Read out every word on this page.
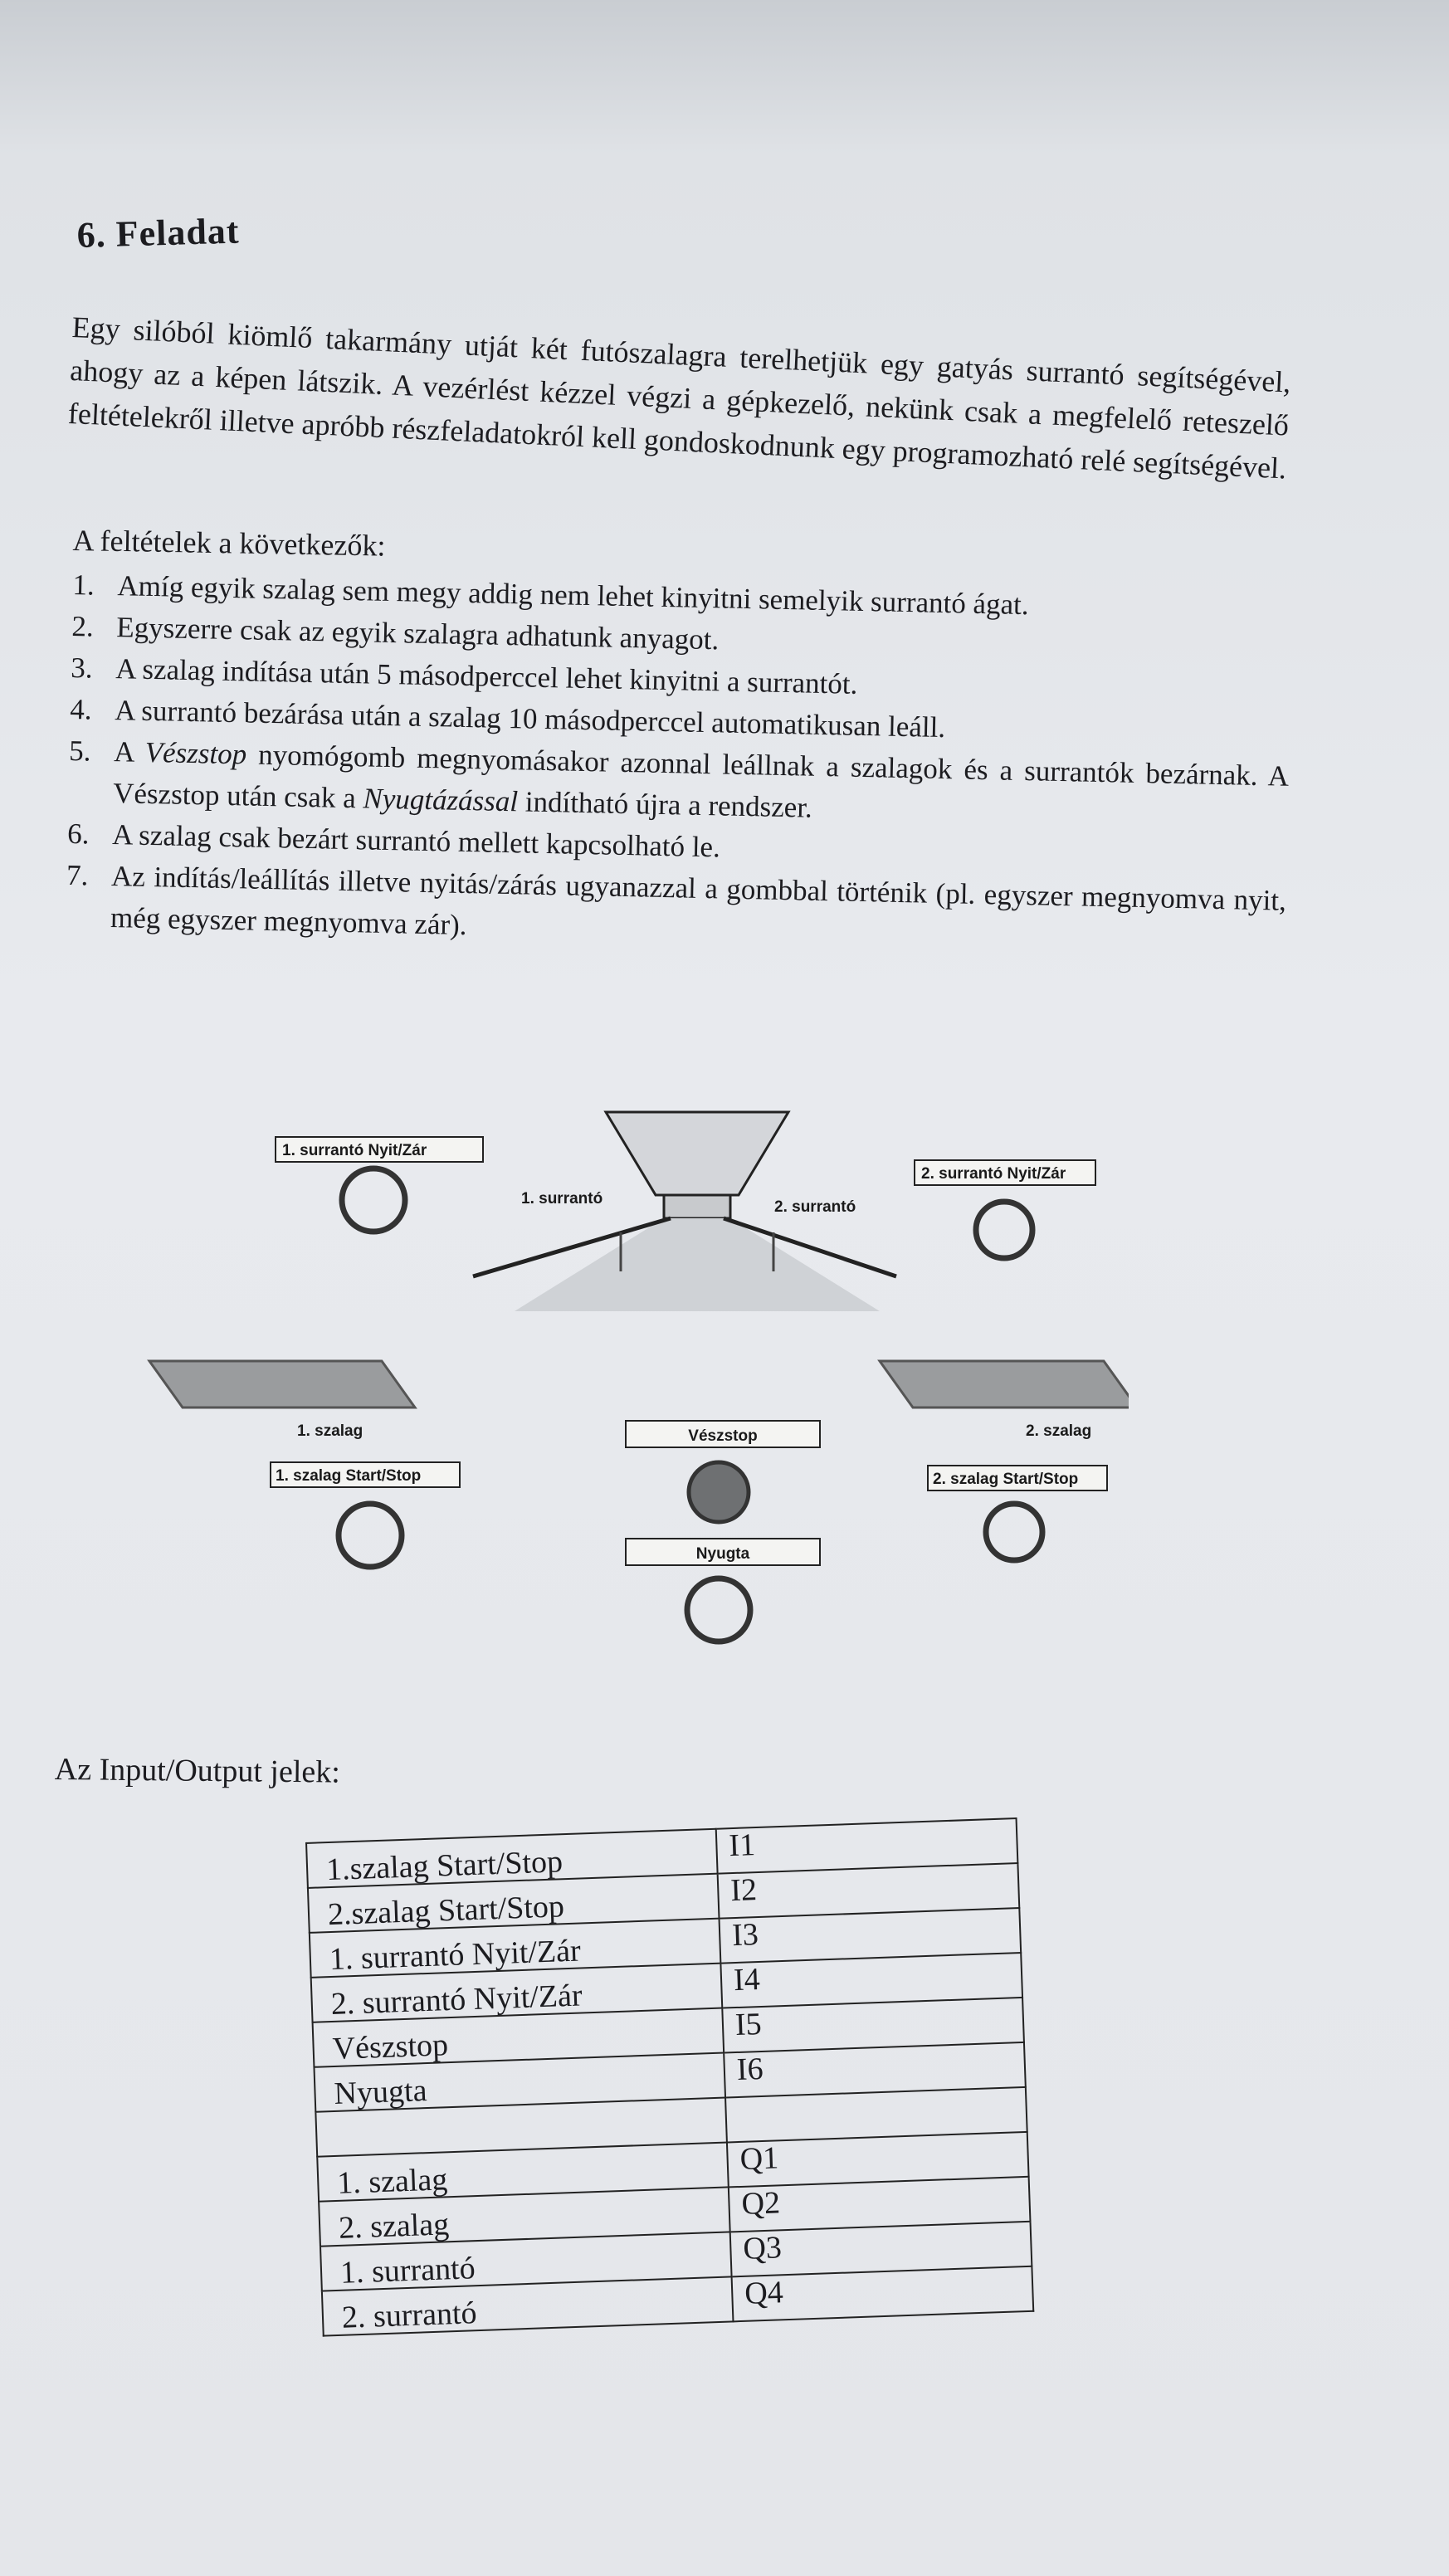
6. Feladat

Egy silóból kiömlő takarmány utját két futószalagra terelhetjük egy gatyás surrantó segítségével, ahogy az a képen látszik. A vezérlést kézzel végzi a gépkezelő, nekünk csak a megfelelő reteszelő feltételekről illetve apróbb részfeladatokról kell gondoskodnunk egy programozható relé segítségével.

A feltételek a következők:

1. Amíg egyik szalag sem megy addig nem lehet kinyitni semelyik surrantó ágat.
2. Egyszerre csak az egyik szalagra adhatunk anyagot.
3. A szalag indítása után 5 másodperccel lehet kinyitni a surrantót.
4. A surrantó bezárása után a szalag 10 másodperccel automatikusan leáll.
5. A Vészstop nyomógomb megnyomásakor azonnal leállnak a szalagok és a surrantók bezárnak. A Vészstop után csak a Nyugtázással indítható újra a rendszer.
6. A szalag csak bezárt surrantó mellett kapcsolható le.
7. Az indítás/leállítás illetve nyitás/zárás ugyanazzal a gombbal történik (pl. egyszer megnyomva nyit, még egyszer megnyomva zár).
1. surrantó	2. surrantó
1. surrantó Nyit/Zár
2. surrantó Nyit/Zár
1. szalag	2. szalag
1. szalag Start/Stop	2. szalag Start/Stop
Vészstop
Nyugta

Az Input/Output jelek:

1.szalag Start/Stop	I1
2.szalag Start/Stop	I2
1. surrantó Nyit/Zár	I3
2. surrantó Nyit/Zár	I4
Vészstop	I5
Nyugta	I6

1. szalag	Q1
2. szalag	Q2
1. surrantó	Q3
2. surrantó	Q4
